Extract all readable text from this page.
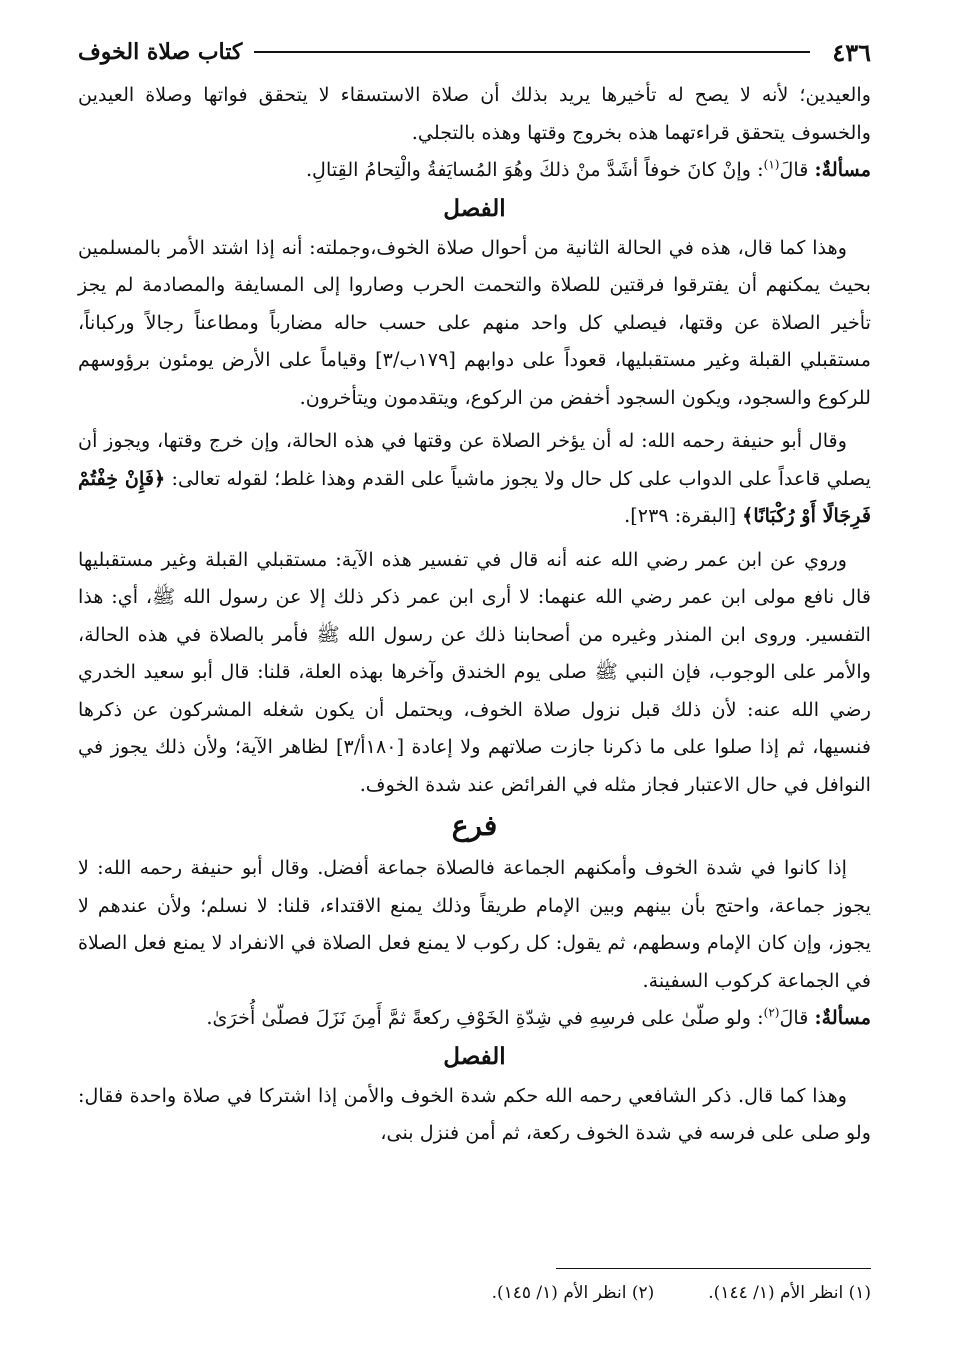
٤٣٦
كتاب صلاة الخوف

والعيدين؛ لأنه لا يصح له تأخيرها يريد بذلك أن صلاة الاستسقاء لا يتحقق فواتها وصلاة العيدين والخسوف يتحقق قراءتهما هذه بخروج وقتها وهذه بالتجلي.

مسألةٌ: قالَ$^{(١)}$: وإنْ كانَ خوفاً أشَدَّ منْ ذلكَ وهُوَ المُسايَفةُ والْتِحامُ القِتالِ.

الفصل

وهذا كما قال، هذه في الحالة الثانية من أحوال صلاة الخوف،وجملته: أنه إذا اشتد الأمر بالمسلمين بحيث يمكنهم أن يفترقوا فرقتين للصلاة والتحمت الحرب وصاروا إلى المسايفة والمصادمة لم يجز تأخير الصلاة عن وقتها، فيصلي كل واحد منهم على حسب حاله مضارباً ومطاعناً رجالاً وركباناً، مستقبلي القبلة وغير مستقبليها، قعوداً على دوابهم [١٧٩ب/٣] وقياماً على الأرض يومئون برؤوسهم للركوع والسجود، ويكون السجود أخفض من الركوع، ويتقدمون ويتأخرون.

وقال أبو حنيفة رحمه الله: له أن يؤخر الصلاة عن وقتها في هذه الحالة، وإن خرج وقتها، ويجوز أن يصلي قاعداً على الدواب على كل حال ولا يجوز ماشياً على القدم وهذا غلط؛ لقوله تعالى: ﴿فَإِنْ خِفْتُمْ فَرِجَالًا أَوْ رُكْبَانًا﴾ [البقرة: ٢٣٩].

وروي عن ابن عمر رضي الله عنه أنه قال في تفسير هذه الآية: مستقبلي القبلة وغير مستقبليها قال نافع مولى ابن عمر رضي الله عنهما: لا أرى ابن عمر ذكر ذلك إلا عن رسول الله ﷺ، أي: هذا التفسير. وروى ابن المنذر وغيره من أصحابنا ذلك عن رسول الله ﷺ فأمر بالصلاة في هذه الحالة، والأمر على الوجوب، فإن النبي ﷺ صلى يوم الخندق وآخرها بهذه العلة، قلنا: قال أبو سعيد الخدري رضي الله عنه: لأن ذلك قبل نزول صلاة الخوف، ويحتمل أن يكون شغله المشركون عن ذكرها فنسيها، ثم إذا صلوا على ما ذكرنا جازت صلاتهم ولا إعادة [١٨٠أ/٣] لظاهر الآية؛ ولأن ذلك يجوز في النوافل في حال الاعتبار فجاز مثله في الفرائض عند شدة الخوف.

فرع

إذا كانوا في شدة الخوف وأمكنهم الجماعة فالصلاة جماعة أفضل. وقال أبو حنيفة رحمه الله: لا يجوز جماعة، واحتج بأن بينهم وبين الإمام طريقاً وذلك يمنع الاقتداء، قلنا: لا نسلم؛ ولأن عندهم لا يجوز، وإن كان الإمام وسطهم، ثم يقول: كل ركوب لا يمنع فعل الصلاة في الانفراد لا يمنع فعل الصلاة في الجماعة كركوب السفينة.

مسألةٌ: قالَ$^{(٢)}$: ولو صلّىٰ على فرسِهِ في شِدّةِ الخَوْفِ ركعةً ثمَّ أَمِنَ نَزَلَ فصلّىٰ أُخرَىٰ.

الفصل

وهذا كما قال. ذكر الشافعي رحمه الله حكم شدة الخوف والأمن إذا اشتركا في صلاة واحدة فقال: ولو صلى على فرسه في شدة الخوف ركعة، ثم أمن فنزل بنى،

(١) انظر الأم (١/ ١٤٤).
(٢) انظر الأم (١/ ١٤٥).
